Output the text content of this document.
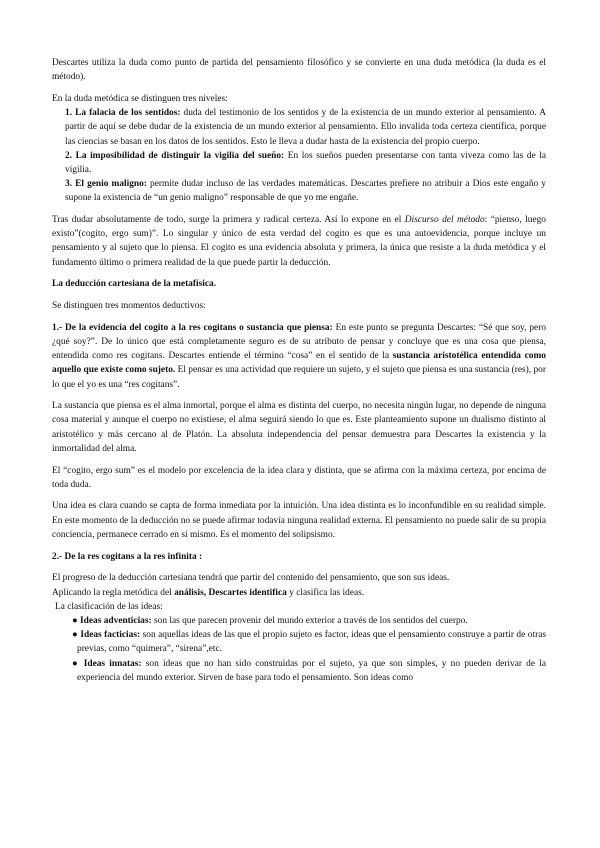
Descartes utiliza la duda como punto de partida del pensamiento filosófico y se convierte en una duda metódica (la duda es el método).

En la duda metódica se distinguen tres niveles:

1. La falacia de los sentidos: duda del testimonio de los sentidos y de la existencia de un mundo exterior al pensamiento. A partir de aquí se debe dudar de la existencia de un mundo exterior al pensamiento. Ello invalida toda certeza científica, porque las ciencias se basan en los datos de los sentidos. Esto le lleva a dudar hasta de la existencia del propio cuerpo.

2. La imposibilidad de distinguir la vigilia del sueño: En los sueños pueden presentarse con tanta viveza como las de la vigilia.

3. El genio maligno: permite dudar incluso de las verdades matemáticas. Descartes prefiere no atribuir a Dios este engaño y supone la existencia de “un genio maligno” responsable de que yo me engañe.

Tras dudar absolutamente de todo, surge la primera y radical certeza. Así lo expone en el Discurso del método: “pienso, luego existo”(cogito, ergo sum)”. Lo singular y único de esta verdad del cogito es que es una autoevidencia, porque incluye un pensamiento y al sujeto que lo piensa. El cogito es una evidencia absoluta y primera, la única que resiste a la duda metódica y el fundamento último o primera realidad de la que puede partir la deducción.

La deducción cartesiana de la metafísica.

Se distinguen tres momentos deductivos:

1.- De la evidencia del cogito a la res cogitans o sustancia que piensa: En este punto se pregunta Descartes: “Sé que soy, pero ¿qué soy?”. De lo único que está completamente seguro es de su atributo de pensar y concluye que es una cosa que piensa, entendida como res cogitans. Descartes entiende el término “cosa” en el sentido de la sustancia aristotélica entendida como aquello que existe como sujeto. El pensar es una actividad que requiere un sujeto, y el sujeto que piensa es una sustancia (res), por lo que el yo es una “res cogitans”.

La sustancia que piensa es el alma inmortal, porque el alma es distinta del cuerpo, no necesita ningún lugar, no depende de ninguna cosa material y aunque el cuerpo no existiese, el alma seguirá siendo lo que es. Este planteamiento supone un dualismo distinto al aristotélico y más cercano al de Platón. La absoluta independencia del pensar demuestra para Descartes la existencia y la inmortalidad del alma.

El “cogito, ergo sum” es el modelo por excelencia de la idea clara y distinta, que se afirma con la máxima certeza, por encima de toda duda.

Una idea es clara cuando se capta de forma inmediata por la intuición. Una idea distinta es lo inconfundible en su realidad simple. En este momento de la deducción no se puede afirmar todavía ninguna realidad externa. El pensamiento no puede salir de su propia conciencia, permanece cerrado en sí mismo. Es el momento del solipsismo.

2.- De la res cogitans a la res infinita :

El progreso de la deducción cartesiana tendrá que partir del contenido del pensamiento, que son sus ideas.

Aplicando la regla metódica del análisis, Descartes identifica y clasifica las ideas.

La clasificación de las ideas:

● Ideas adventicias: son las que parecen provenir del mundo exterior a través de los sentidos del cuerpo.

● Ideas facticias: son aquellas ideas de las que el propio sujeto es factor, ideas que el pensamiento construye a partir de otras previas, como “quimera”, “sirena”,etc.

● Ideas innatas: son ideas que no han sido construidas por el sujeto, ya que son simples, y no pueden derivar de la experiencia del mundo exterior. Sirven de base para todo el pensamiento. Son ideas como
